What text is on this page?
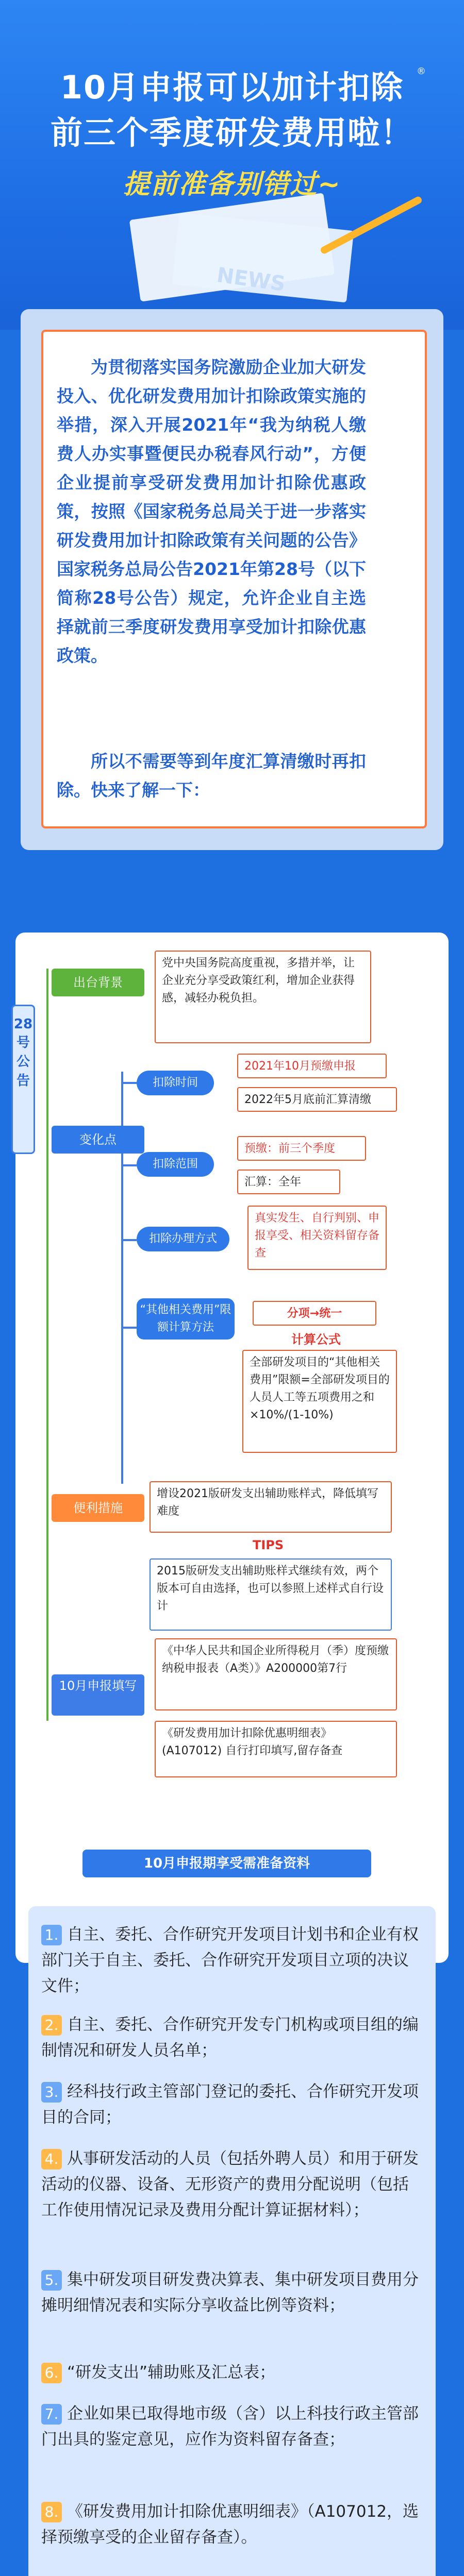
NEWS
10月申报可以加计扣除	®
前三个季度研发费用啦！
提前准备别错过~

为贯彻落实国务院激励企业加大研发投入、优化研发费用加计扣除政策实施的举措，深入开展2021年“我为纳税人缴费人办实事暨便民办税春风行动”，方便企业提前享受研发费用加计扣除优惠政策，按照《国家税务总局关于进一步落实研发费用加计扣除政策有关问题的公告》国家税务总局公告2021年第28号（以下简称28号公告）规定，允许企业自主选择就前三季度研发费用享受加计扣除优惠政策。

所以不需要等到年度汇算清缴时再扣除。快来了解一下：

28号公告
出台背景
党中央国务院高度重视，多措并举，让企业充分享受政策红利，增加企业获得感，减轻办税负担。
变化点
扣除时间
2021年10月预缴申报
2022年5月底前汇算清缴
扣除范围
预缴：前三个季度
汇算：全年
扣除办理方式
真实发生、自行判别、申报享受、相关资料留存备查
“其他相关费用”限额计算方法
分项→统一
计算公式
全部研发项目的“其他相关费用”限额=全部研发项目的人员人工等五项费用之和×10%/(1-10%)
便利措施
增设2021版研发支出辅助账样式，降低填写难度
TIPS
2015版研发支出辅助账样式继续有效，两个版本可自由选择，也可以参照上述样式自行设计
10月申报填写
《中华人民共和国企业所得税月（季）度预缴纳税申报表（A类）》A200000第7行
《研发费用加计扣除优惠明细表》(A107012) 自行打印填写,留存备查
10月申报期享受需准备资料
1. 自主、委托、合作研究开发项目计划书和企业有权部门关于自主、委托、合作研究开发项目立项的决议文件；
2. 自主、委托、合作研究开发专门机构或项目组的编制情况和研发人员名单；
3. 经科技行政主管部门登记的委托、合作研究开发项目的合同；
4. 从事研发活动的人员（包括外聘人员）和用于研发活动的仪器、设备、无形资产的费用分配说明（包括工作使用情况记录及费用分配计算证据材料）；
5. 集中研发项目研发费决算表、集中研发项目费用分摊明细情况表和实际分享收益比例等资料；
6. “研发支出”辅助账及汇总表；
7. 企业如果已取得地市级（含）以上科技行政主管部门出具的鉴定意见，应作为资料留存备查；
8. 《研发费用加计扣除优惠明细表》（A107012，选择预缴享受的企业留存备查）。
